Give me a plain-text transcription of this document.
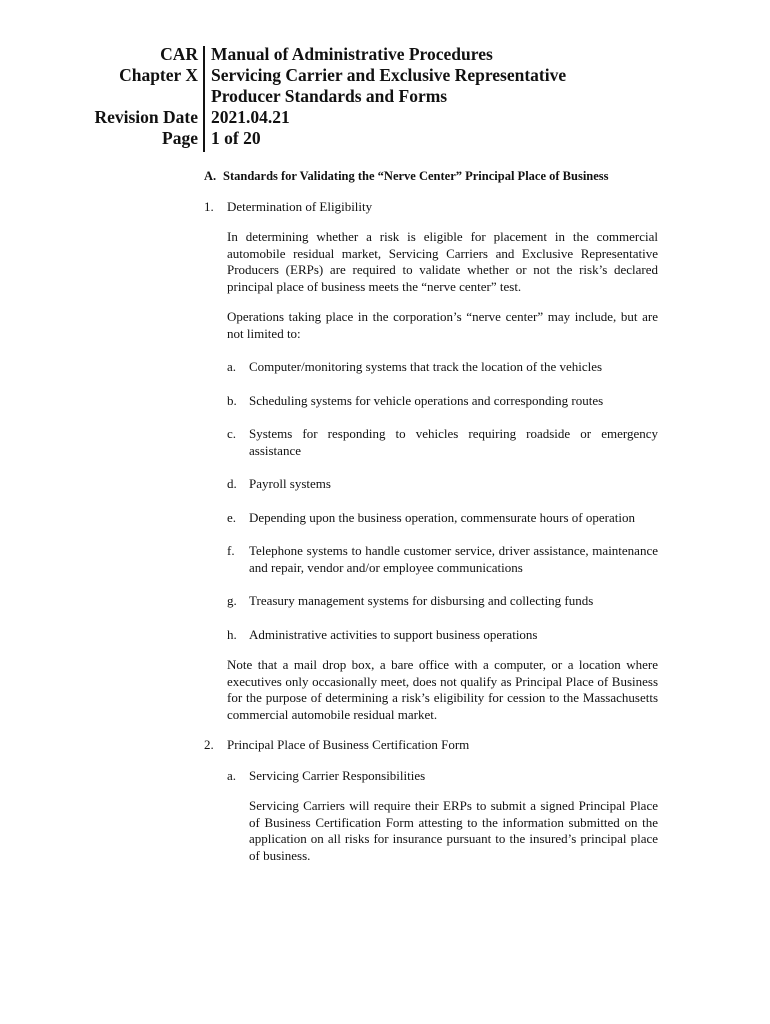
CAR Manual of Administrative Procedures
Chapter X Servicing Carrier and Exclusive Representative
Producer Standards and Forms
Revision Date 2021.04.21
Page 1 of 20
A. Standards for Validating the “Nerve Center” Principal Place of Business
1. Determination of Eligibility

In determining whether a risk is eligible for placement in the commercial automobile residual market, Servicing Carriers and Exclusive Representative Producers (ERPs) are required to validate whether or not the risk’s declared principal place of business meets the “nerve center” test.

Operations taking place in the corporation’s “nerve center” may include, but are not limited to:

a. Computer/monitoring systems that track the location of the vehicles
b. Scheduling systems for vehicle operations and corresponding routes
c. Systems for responding to vehicles requiring roadside or emergency assistance
d. Payroll systems
e. Depending upon the business operation, commensurate hours of operation
f. Telephone systems to handle customer service, driver assistance, maintenance and repair, vendor and/or employee communications
g. Treasury management systems for disbursing and collecting funds
h. Administrative activities to support business operations

Note that a mail drop box, a bare office with a computer, or a location where executives only occasionally meet, does not qualify as Principal Place of Business for the purpose of determining a risk’s eligibility for cession to the Massachusetts commercial automobile residual market.

2. Principal Place of Business Certification Form
a. Servicing Carrier Responsibilities

Servicing Carriers will require their ERPs to submit a signed Principal Place of Business Certification Form attesting to the information submitted on the application on all risks for insurance pursuant to the insured’s principal place of business.
